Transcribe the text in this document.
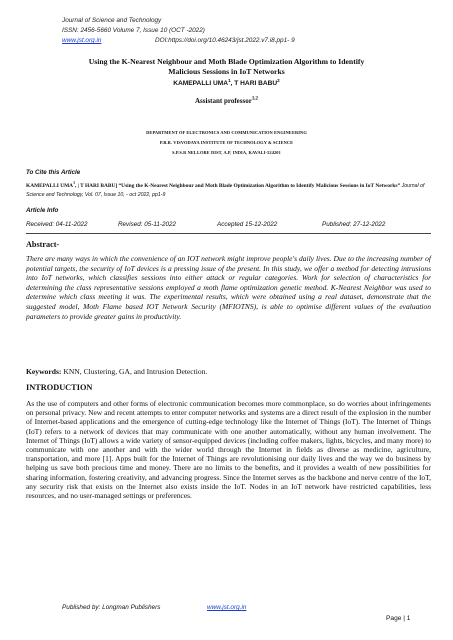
Journal of Science and Technology
ISSN: 2456-5660 Volume 7, Issue 10 (OCT -2022)
www.jst.org.in	DOI:https://doi.org/10.46243/jst.2022.v7.i8.pp1- 9
Using the K-Nearest Neighbour and Moth Blade Optimization Algorithm to Identify
Malicious Sessions in IoT Networks
KAMEPALLI UMA$^1$, T HARI BABU$^2$
Assistant professor$^{1,2}$
DEPARTMENT OF ELECTRONICS AND COMMUNICATION ENGINEERING
P.B.R. VISVODAYA INSTITUTE OF TECHNOLOGY & SCIENCE
S.P.S.R NELLORE DIST, A.P, INDIA, KAVALI-524201
To Cite this Article
KAMEPALLI UMA$^1$, | T HARI BABU] “Using the K-Nearest Neighbour and Moth Blade Optimization Algorithm to Identify Malicious Sessions in IoT Networks” Journal of Science and Technology, Vol. 07, Issue 10, - oct 2022, pp1-9
Article Info
Received: 04-11-2022	Revised: 05-11-2022	Accepted 15-12-2022	Published: 27-12-2022
Abstract-
There are many ways in which the convenience of an IOT network might improve people's daily lives. Due to the increasing number of potential targets, the security of IoT devices is a pressing issue of the present. In this study, we offer a method for detecting intrusions into IoT networks, which classifies sessions into either attack or regular categories. Work for selection of characteristics for determining the class representative sessions employed a moth flame optimization genetic method. K-Nearest Neighbor was used to determine which class meeting it was. The experimental results, which were obtained using a real dataset, demonstrate that the suggested model, Moth Flame based IOT Network Security (MFIOTNS), is able to optimise different values of the evaluation parameters to provide greater gains in productivity.
Keywords: KNN, Clustering, GA, and Intrusion Detection.
INTRODUCTION
As the use of computers and other forms of electronic communication becomes more commonplace, so do worries about infringements on personal privacy. New and recent attempts to enter computer networks and systems are a direct result of the explosion in the number of Internet-based applications and the emergence of cutting-edge technology like the Internet of Things (IoT). The Internet of Things (IoT) refers to a network of devices that may communicate with one another automatically, without any human involvement. The Internet of Things (IoT) allows a wide variety of sensor-equipped devices (including coffee makers, lights, bicycles, and many more) to communicate with one another and with the wider world through the Internet in fields as diverse as medicine, agriculture, transportation, and more [1]. Apps built for the Internet of Things are revolutionising our daily lives and the way we do business by helping us save both precious time and money. There are no limits to the benefits, and it provides a wealth of new possibilities for sharing information, fostering creativity, and advancing progress. Since the Internet serves as the backbone and nerve centre of the IoT, any security risk that exists on the Internet also exists inside the IoT. Nodes in an IoT network have restricted capabilities, less resources, and no user-managed settings or preferences.
Published by: Longman Publishers	www.jst.org.in
Page | 1
